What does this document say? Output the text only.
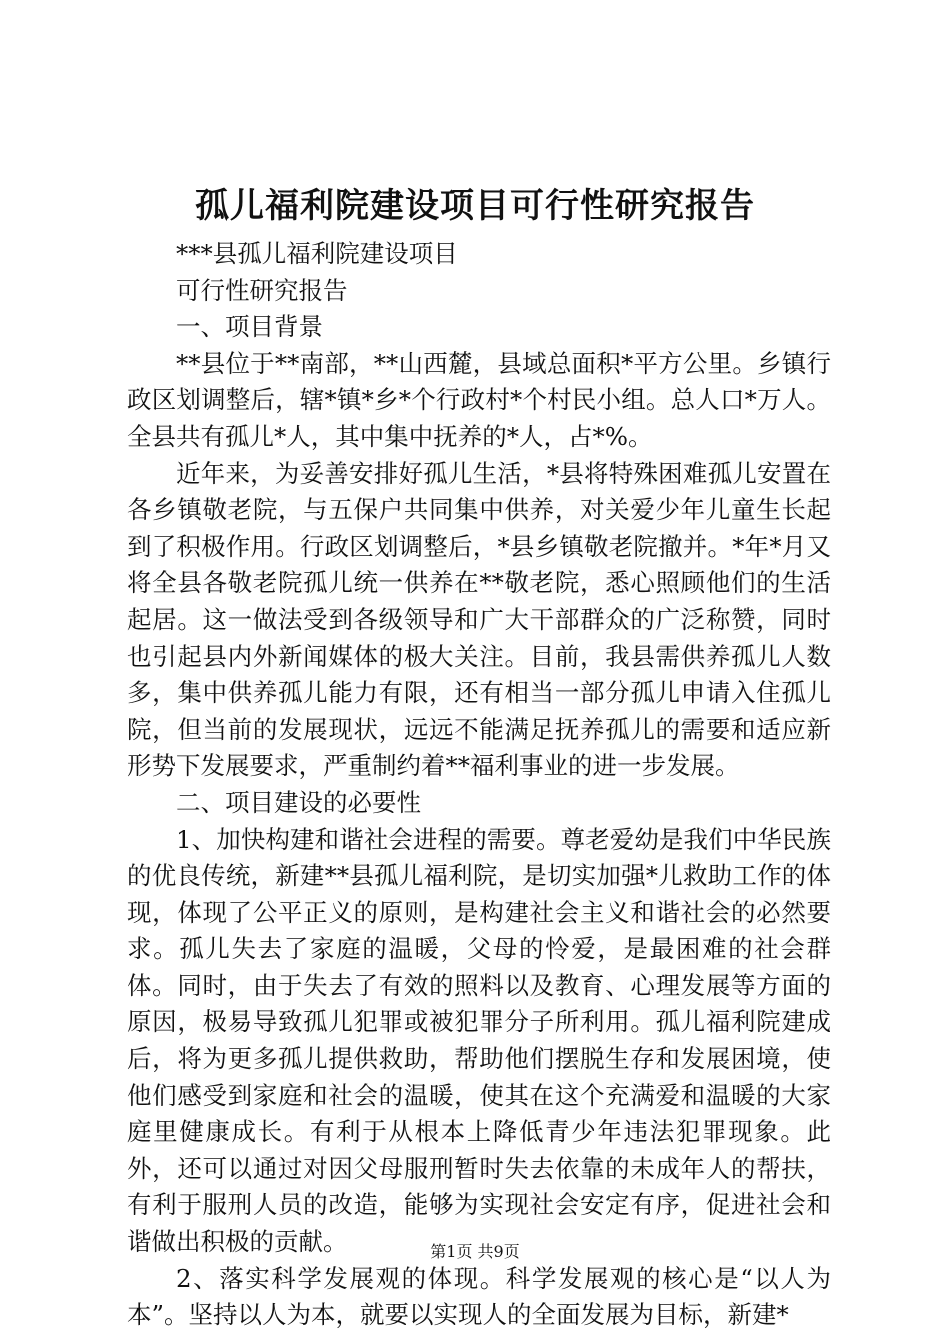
孤儿福利院建设项目可行性研究报告

***县孤儿福利院建设项目

可行性研究报告

一、项目背景

**县位于**南部，**山西麓，县域总面积*平方公里。乡镇行政区划调整后，辖*镇*乡*个行政村*个村民小组。总人口*万人。全县共有孤儿*人，其中集中抚养的*人，占*%。

近年来，为妥善安排好孤儿生活，*县将特殊困难孤儿安置在各乡镇敬老院，与五保户共同集中供养，对关爱少年儿童生长起到了积极作用。行政区划调整后，*县乡镇敬老院撤并。*年*月又将全县各敬老院孤儿统一供养在**敬老院，悉心照顾他们的生活起居。这一做法受到各级领导和广大干部群众的广泛称赞，同时也引起县内外新闻媒体的极大关注。目前，我县需供养孤儿人数多，集中供养孤儿能力有限，还有相当一部分孤儿申请入住孤儿院，但当前的发展现状，远远不能满足抚养孤儿的需要和适应新形势下发展要求，严重制约着**福利事业的进一步发展。

二、项目建设的必要性

1、加快构建和谐社会进程的需要。尊老爱幼是我们中华民族的优良传统，新建**县孤儿福利院，是切实加强*儿救助工作的体现，体现了公平正义的原则，是构建社会主义和谐社会的必然要求。孤儿失去了家庭的温暖，父母的怜爱，是最困难的社会群体。同时，由于失去了有效的照料以及教育、心理发展等方面的原因，极易导致孤儿犯罪或被犯罪分子所利用。孤儿福利院建成后，将为更多孤儿提供救助，帮助他们摆脱生存和发展困境，使他们感受到家庭和社会的温暖，使其在这个充满爱和温暖的大家庭里健康成长。有利于从根本上降低青少年违法犯罪现象。此外，还可以通过对因父母服刑暂时失去依靠的未成年人的帮扶，有利于服刑人员的改造，能够为实现社会安定有序，促进社会和谐做出积极的贡献。

2、落实科学发展观的体现。科学发展观的核心是“以人为本”。坚持以人为本，就要以实现人的全面发展为目标，新建*

第1页 共9页
